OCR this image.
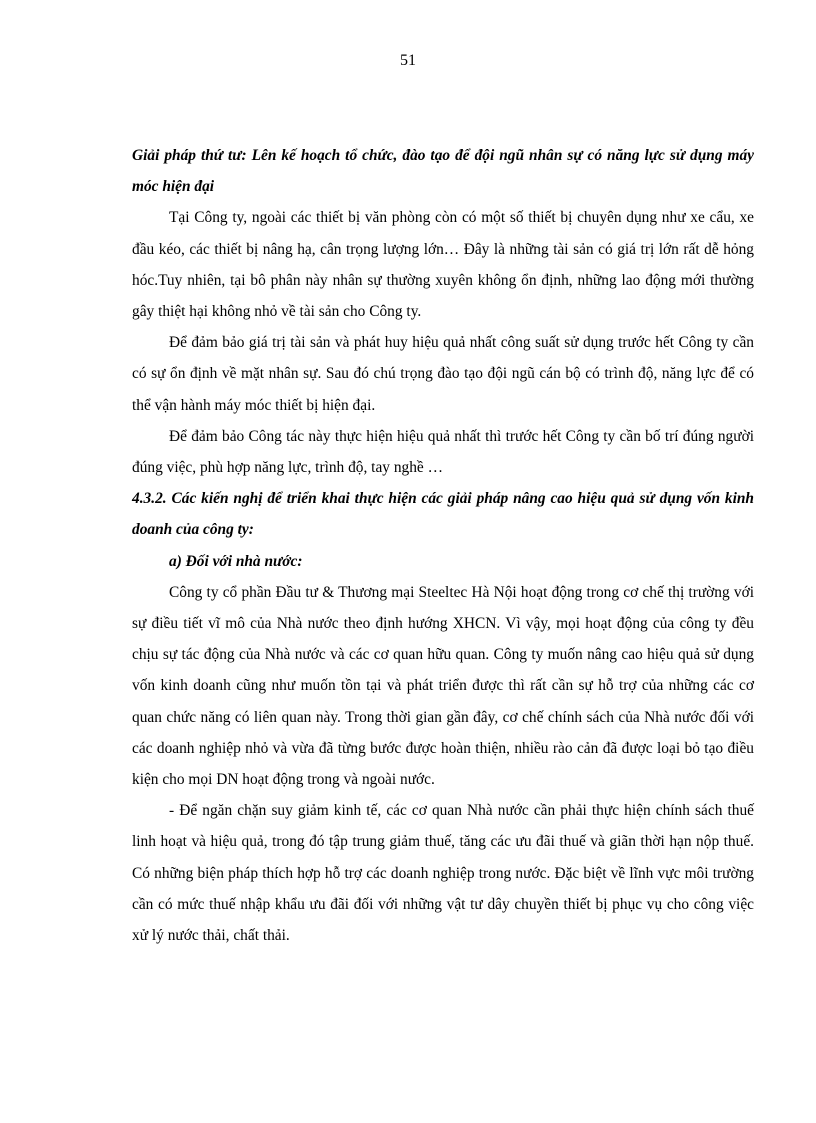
51

Giải pháp thứ tư: Lên kế hoạch tổ chức, đào tạo để đội ngũ nhân sự có năng lực sử dụng máy móc hiện đại

Tại Công ty, ngoài các thiết bị văn phòng còn có một số thiết bị chuyên dụng như xe cẩu, xe đầu kéo, các thiết bị nâng hạ, cân trọng lượng lớn… Đây là những tài sản có giá trị lớn rất dễ hỏng hóc.Tuy nhiên, tại bô phân này nhân sự thường xuyên không ổn định, những lao động mới thường gây thiệt hại không nhỏ về tài sản cho Công ty.

Để đảm bảo giá trị tài sản và phát huy hiệu quả nhất công suất sử dụng trước hết Công ty cần có sự ổn định về mặt nhân sự. Sau đó chú trọng đào tạo đội ngũ cán bộ có trình độ, năng lực để có thể vận hành máy móc thiết bị hiện đại.

Để đảm bảo Công tác này thực hiện hiệu quả nhất thì trước hết Công ty cần bố trí đúng người đúng việc, phù hợp năng lực, trình độ, tay nghề …

4.3.2. Các kiến nghị để triển khai thực hiện các giải pháp nâng cao hiệu quả sử dụng vốn kinh doanh của công ty:

a) Đối với nhà nước:

Công ty cổ phần Đầu tư & Thương mại Steeltec Hà Nội hoạt động trong cơ chế thị trường với sự điều tiết vĩ mô của Nhà nước theo định hướng XHCN. Vì vậy, mọi hoạt động của công ty đều chịu sự tác động của Nhà nước và các cơ quan hữu quan. Công ty muốn nâng cao hiệu quả sử dụng vốn kinh doanh cũng như muốn tồn tại và phát triển được thì rất cần sự hỗ trợ của những các cơ quan chức năng có liên quan này. Trong thời gian gần đây, cơ chế chính sách của Nhà nước đối với các doanh nghiệp nhỏ và vừa đã từng bước được hoàn thiện, nhiều rào cản đã được loại bỏ tạo điều kiện cho mọi DN hoạt động trong và ngoài nước.

- Để ngăn chặn suy giảm kinh tế, các cơ quan Nhà nước cần phải thực hiện chính sách thuế linh hoạt và hiệu quả, trong đó tập trung giảm thuế, tăng các ưu đãi thuế và giãn thời hạn nộp thuế. Có những biện pháp thích hợp hỗ trợ các doanh nghiệp trong nước. Đặc biệt về lĩnh vực môi trường cần có mức thuế nhập khẩu ưu đãi đối với những vật tư dây chuyền thiết bị phục vụ cho công việc xử lý nước thải, chất thải.
